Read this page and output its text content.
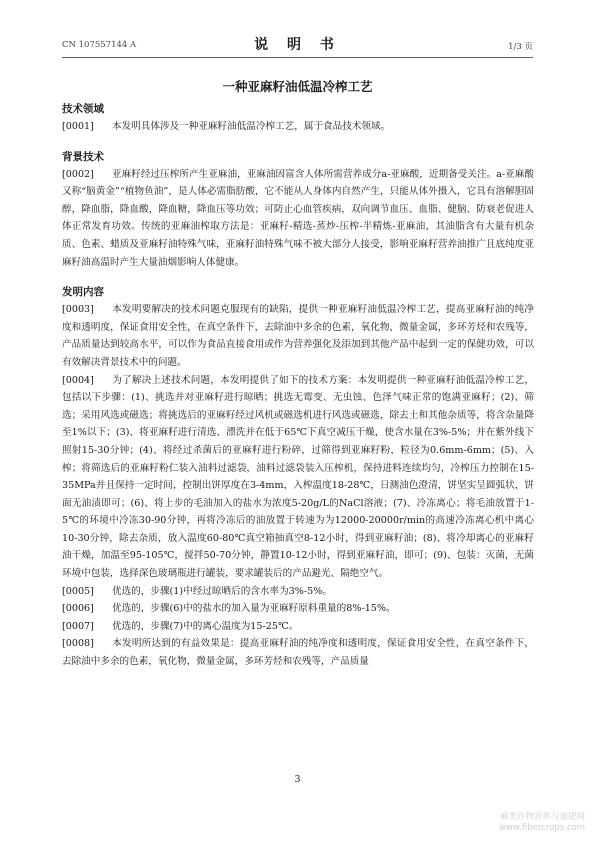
CN 107557144 A	说 明 书	1/3 页
一种亚麻籽油低温冷榨工艺

技术领域

[0001] 本发明具体涉及一种亚麻籽油低温冷榨工艺，属于食品技术领域。

背景技术

[0002] 亚麻籽经过压榨所产生亚麻油，亚麻油因富含人体所需营养成分a-亚麻酸，近期备受关注。a-亚麻酸又称“脑黄金”“植物鱼油”，是人体必需脂肪酸，它不能从人身体内自然产生，只能从体外摄入，它具有溶解胆固醇，降血脂，降血酸，降血糖，降血压等功效；可防止心血管疾病，双向调节血压、血脂、健脑、防衰老促进人体正常发育功效。传统的亚麻油榨取方法是：亚麻籽-精选-蒸炒-压榨-半精炼-亚麻油，其油脂含有大量有机杂质、色素、蜡质及亚麻籽油特殊气味，亚麻籽油特殊气味不被大部分人接受，影响亚麻籽营养油推广且底纯度亚麻籽油高温时产生大量油烟影响人体健康。

发明内容

[0003] 本发明要解决的技术问题克服现有的缺陷，提供一种亚麻籽油低温冷榨工艺，提高亚麻籽油的纯净度和透明度，保证食用安全性，在真空条件下，去除油中多余的色素，氧化物，微量金属，多环芳烃和农残等，产品质量达到较高水平，可以作为食品直接食用或作为营养强化及添加到其他产品中起到一定的保健功效，可以有效解决背景技术中的问题。

[0004] 为了解决上述技术问题，本发明提供了如下的技术方案：本发明提供一种亚麻籽油低温冷榨工艺，包括以下步骤：(1)、挑选并对亚麻籽进行晾晒；挑选无霉变、无虫蚀、色泽气味正常的饱满亚麻籽；(2)、筛选；采用风选或磁选；将挑选后的亚麻籽经过风机或磁选机进行风选或磁选，除去土和其他杂质等，将含杂量降至1%以下；(3)、将亚麻籽进行清选、漂洗并在低于65℃下真空减压干燥，使含水量在3%-5%；并在紫外线下照射15-30分钟；(4)、将经过杀菌后的亚麻籽进行粉碎，过筛得到亚麻籽粉，粒径为0.6mm-6mm；(5)、入榨；将筛选后的亚麻籽粉仁装入油料过滤袋，油料过滤袋装入压榨机，保持进料连续均匀，冷榨压力控制在15-35MPa并且保持一定时间，控制出饼厚度在3-4mm，入榨温度18-28℃，日测油色澄清，饼坚实呈圆弧状，饼面无油渍即可；(6)、将上步的毛油加入的盐水为浓度5-20g/L的NaCl溶液；(7)、冷冻离心；将毛油放置于1-5℃的环境中冷冻30-90分钟，再将冷冻后的油放置于转速为为12000-20000r/min的高速冷冻离心机中离心10-30分钟，除去杂质，放入温度60-80℃真空箱抽真空8-12小时，得到亚麻籽油；(8)、将冷却离心的亚麻籽油干燥，加温至95-105℃，搅拌50-70分钟，静置10-12小时，得到亚麻籽油，即可；(9)、包装：灭菌，无菌环境中包装，选择深色玻璃瓶进行罐装，要求罐装后的产品避光、隔绝空气。

[0005] 优选的，步骤(1)中经过晾晒后的含水率为3%-5%。

[0006] 优选的，步骤(6)中的盐水的加入量为亚麻籽原料重量的8%-15%。

[0007] 优选的，步骤(7)中的离心温度为15-25℃。

[0008] 本发明所达到的有益效果是：提高亚麻籽油的纯净度和透明度，保证食用安全性，在真空条件下，去除油中多余的色素，氧化物，微量金属，多环芳烃和农残等，产品质量

3
麻类作物营养与施肥网
www.fibercrops.com
